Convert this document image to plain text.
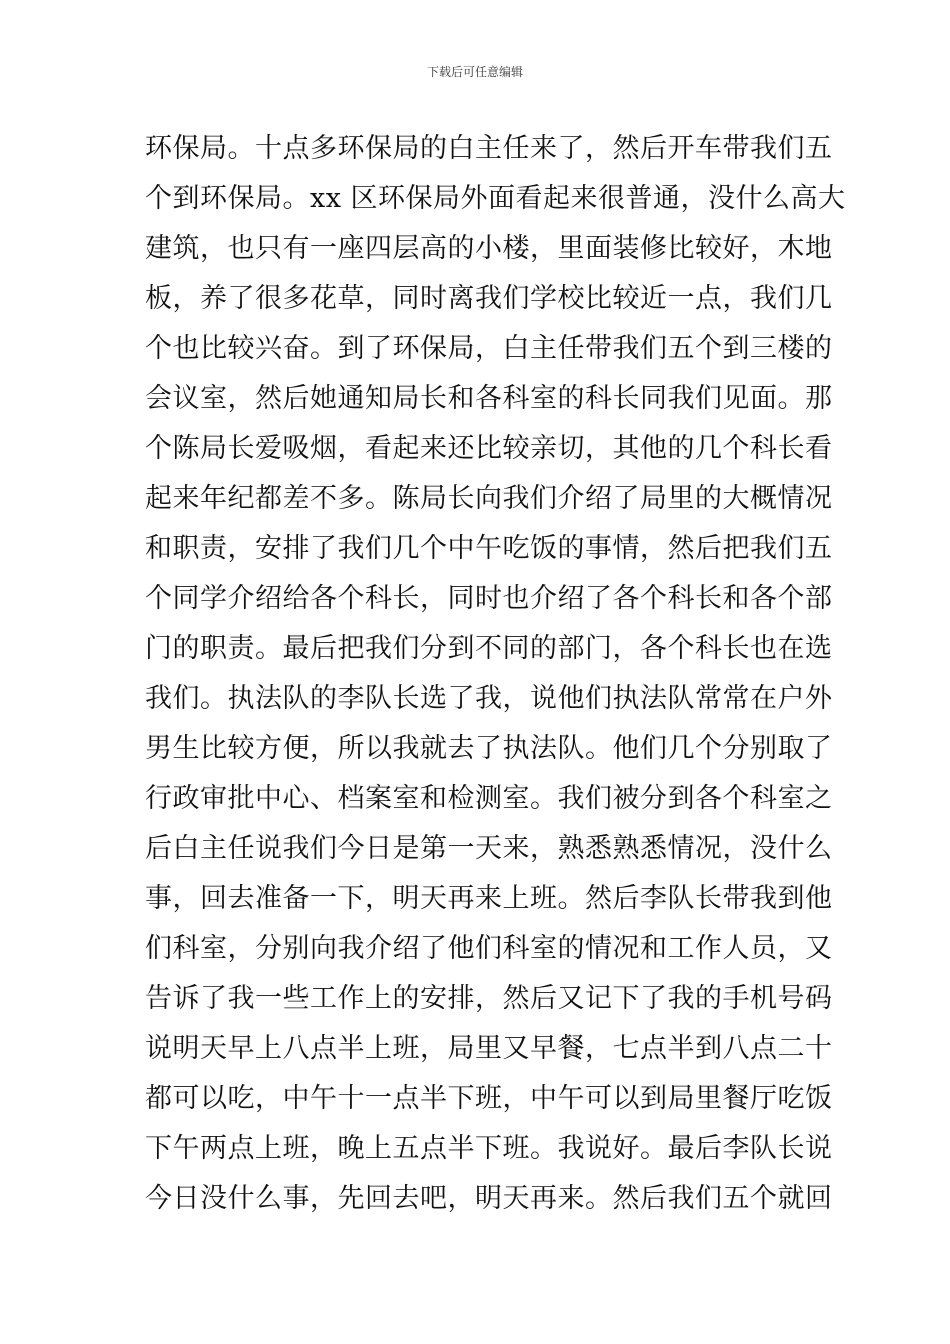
下载后可任意编辑
环保局。十点多环保局的白主任来了，然后开车带我们五
个到环保局。xx 区环保局外面看起来很普通，没什么高大
建筑，也只有一座四层高的小楼，里面装修比较好，木地
板，养了很多花草，同时离我们学校比较近一点，我们几
个也比较兴奋。到了环保局，白主任带我们五个到三楼的
会议室，然后她通知局长和各科室的科长同我们见面。那
个陈局长爱吸烟，看起来还比较亲切，其他的几个科长看
起来年纪都差不多。陈局长向我们介绍了局里的大概情况
和职责，安排了我们几个中午吃饭的事情，然后把我们五
个同学介绍给各个科长，同时也介绍了各个科长和各个部
门的职责。最后把我们分到不同的部门，各个科长也在选
我们。执法队的李队长选了我，说他们执法队常常在户外
男生比较方便，所以我就去了执法队。他们几个分别取了
行政审批中心、档案室和检测室。我们被分到各个科室之
后白主任说我们今日是第一天来，熟悉熟悉情况，没什么
事，回去准备一下，明天再来上班。然后李队长带我到他
们科室，分别向我介绍了他们科室的情况和工作人员，又
告诉了我一些工作上的安排，然后又记下了我的手机号码
说明天早上八点半上班，局里又早餐，七点半到八点二十
都可以吃，中午十一点半下班，中午可以到局里餐厅吃饭
下午两点上班，晚上五点半下班。我说好。最后李队长说
今日没什么事，先回去吧，明天再来。然后我们五个就回
